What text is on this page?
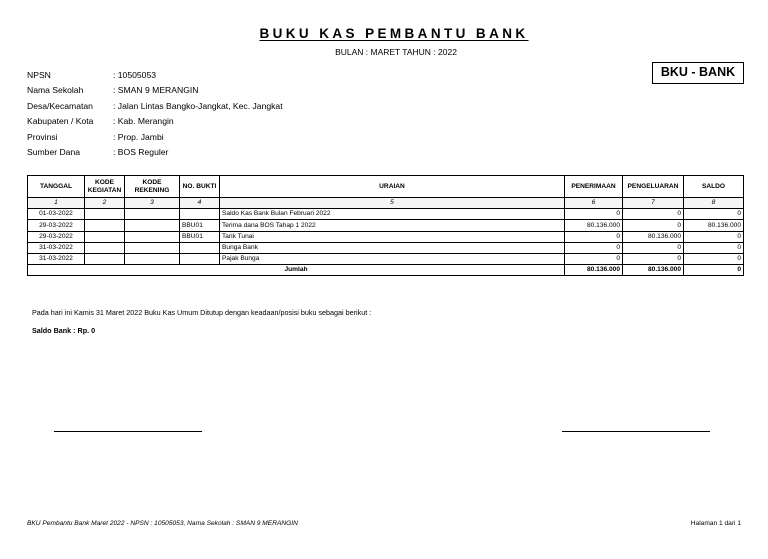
BUKU KAS PEMBANTU BANK
BULAN : MARET TAHUN : 2022
BKU - BANK
NPSN	: 10505053
Nama Sekolah	: SMAN 9 MERANGIN
Desa/Kecamatan : Jalan Lintas Bangko-Jangkat, Kec. Jangkat
Kabupaten / Kota : Kab. Merangin
Provinsi	: Prop. Jambi
Sumber Dana	: BOS Reguler
TANGGAL	KODE KEGIATAN	KODE REKENING	NO. BUKTI	URAIAN	PENERIMAAN	PENGELUARAN	SALDO
1	2	3	4	5	6	7	8
01-03-2022				Saldo Kas Bank Bulan Februari 2022	0	0	0
29-03-2022			BBU01	Terima dana BOS Tahap 1 2022	80.136.000	0	80.136.000
29-03-2022			BBU01	Tarik Tunai	0	80.136.000	0
31-03-2022				Bunga Bank	0	0	0
31-03-2022				Pajak Bunga	0	0	0
Jumlah					80.136.000	80.136.000	0
Pada hari ini Kamis 31 Maret 2022 Buku Kas Umum Ditutup dengan keadaan/posisi buku sebagai berikut :
Saldo Bank : Rp. 0
BKU Pembantu Bank Maret 2022 - NPSN : 10505053, Nama Sekolah : SMAN 9 MERANGIN	Halaman 1 dari 1
